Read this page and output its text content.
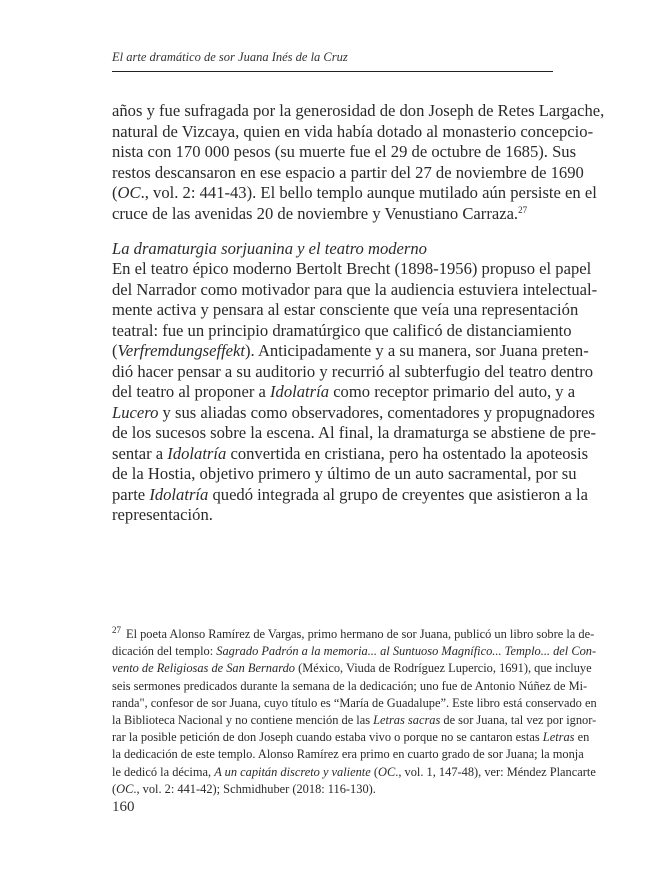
El arte dramático de sor Juana Inés de la Cruz
años y fue sufragada por la generosidad de don Joseph de Retes Largache,
natural de Vizcaya, quien en vida había dotado al monasterio concepcio-
nista con 170 000 pesos (su muerte fue el 29 de octubre de 1685). Sus
restos descansaron en ese espacio a partir del 27 de noviembre de 1690
(OC., vol. 2: 441-43). El bello templo aunque mutilado aún persiste en el
cruce de las avenidas 20 de noviembre y Venustiano Carraza.$^{27}$
La dramaturgia sorjuanina y el teatro moderno
En el teatro épico moderno Bertolt Brecht (1898-1956) propuso el papel
del Narrador como motivador para que la audiencia estuviera intelectual-
mente activa y pensara al estar consciente que veía una representación
teatral: fue un principio dramatúrgico que calificó de distanciamiento
(Verfremdungseffekt). Anticipadamente y a su manera, sor Juana preten-
dió hacer pensar a su auditorio y recurrió al subterfugio del teatro dentro
del teatro al proponer a Idolatría como receptor primario del auto, y a
Lucero y sus aliadas como observadores, comentadores y propugnadores
de los sucesos sobre la escena. Al final, la dramaturga se abstiene de pre-
sentar a Idolatría convertida en cristiana, pero ha ostentado la apoteosis
de la Hostia, objetivo primero y último de un auto sacramental, por su
parte Idolatría quedó integrada al grupo de creyentes que asistieron a la
representación.
$^{27}$ El poeta Alonso Ramírez de Vargas, primo hermano de sor Juana, publicó un libro sobre la de-
dicación del templo: Sagrado Padrón a la memoria... al Suntuoso Magnífico... Templo... del Con-
vento de Religiosas de San Bernardo (México, Viuda de Rodríguez Lupercio, 1691), que incluye
seis sermones predicados durante la semana de la dedicación; uno fue de Antonio Núñez de Mi-
randa", confesor de sor Juana, cuyo título es “María de Guadalupe”. Este libro está conservado en
la Biblioteca Nacional y no contiene mención de las Letras sacras de sor Juana, tal vez por ignor-
rar la posible petición de don Joseph cuando estaba vivo o porque no se cantaron estas Letras en
la dedicación de este templo. Alonso Ramírez era primo en cuarto grado de sor Juana; la monja
le dedicó la décima, A un capitán discreto y valiente (OC., vol. 1, 147-48), ver: Méndez Plancarte
(OC., vol. 2: 441-42); Schmidhuber (2018: 116-130).
160
